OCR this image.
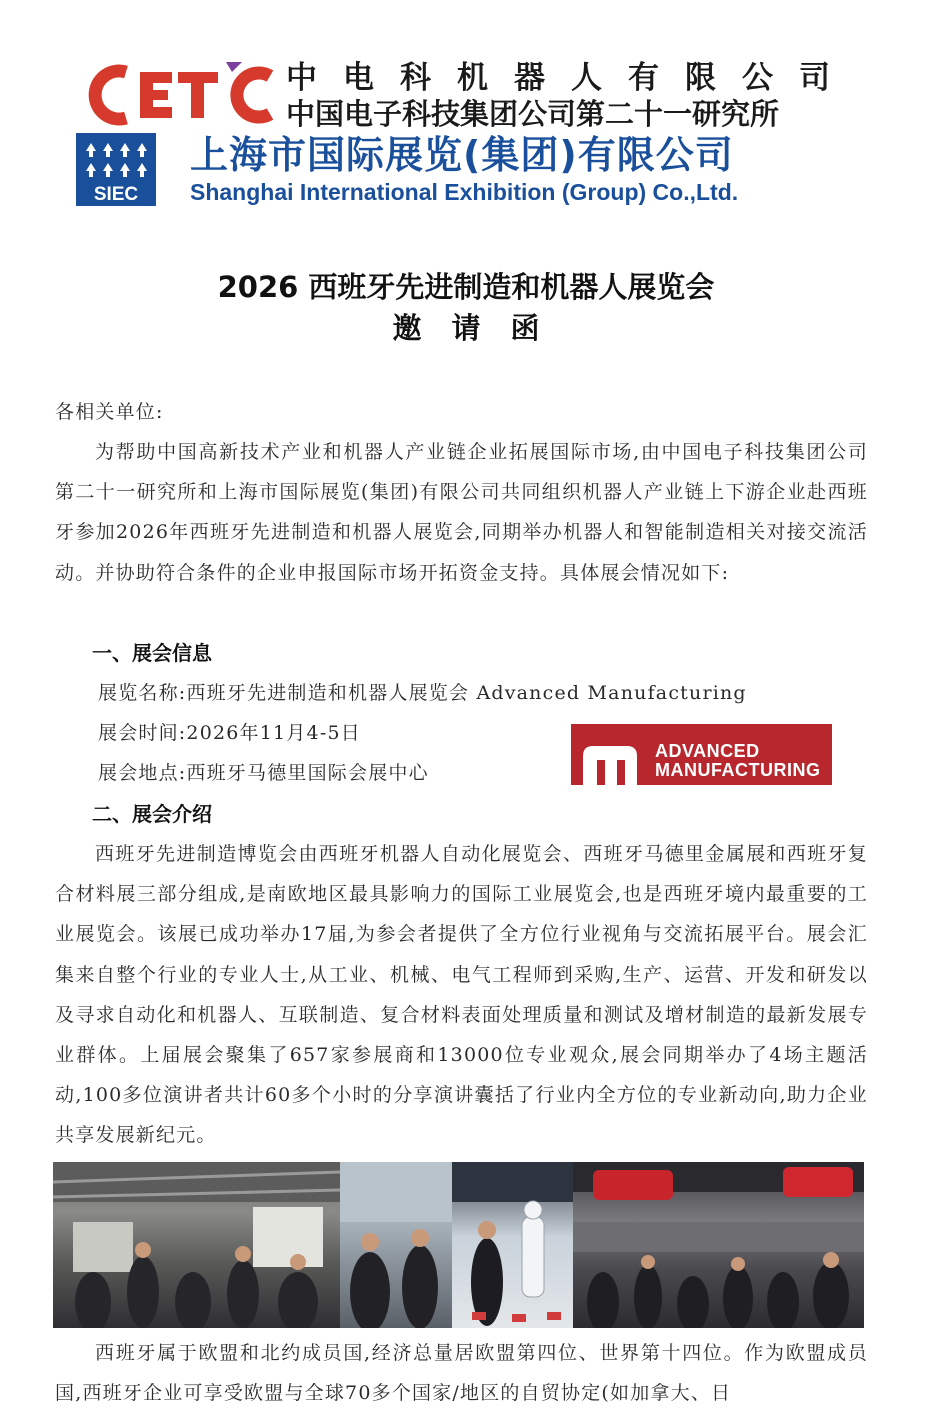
中电科机器人有限公司
中国电子科技集团公司第二十一研究所
SIEC
上海市国际展览(集团)有限公司
Shanghai International Exhibition (Group) Co.,Ltd.
2026 西班牙先进制造和机器人展览会
邀请函
各相关单位:
为帮助中国高新技术产业和机器人产业链企业拓展国际市场,由中国电子科技集团公司第二十一研究所和上海市国际展览(集团)有限公司共同组织机器人产业链上下游企业赴西班牙参加2026年西班牙先进制造和机器人展览会,同期举办机器人和智能制造相关对接交流活动。并协助符合条件的企业申报国际市场开拓资金支持。具体展会情况如下:
一、展会信息
展览名称:西班牙先进制造和机器人展览会 Advanced Manufacturing
展会时间:2026年11月4-5日
展会地点:西班牙马德里国际会展中心
ADVANCED
MANUFACTURING
二、展会介绍
西班牙先进制造博览会由西班牙机器人自动化展览会、西班牙马德里金属展和西班牙复合材料展三部分组成,是南欧地区最具影响力的国际工业展览会,也是西班牙境内最重要的工业展览会。该展已成功举办17届,为参会者提供了全方位行业视角与交流拓展平台。展会汇集来自整个行业的专业人士,从工业、机械、电气工程师到采购,生产、运营、开发和研发以及寻求自动化和机器人、互联制造、复合材料表面处理质量和测试及增材制造的最新发展专业群体。上届展会聚集了657家参展商和13000位专业观众,展会同期举办了4场主题活动,100多位演讲者共计60多个小时的分享演讲囊括了行业内全方位的专业新动向,助力企业共享发展新纪元。
西班牙属于欧盟和北约成员国,经济总量居欧盟第四位、世界第十四位。作为欧盟成员国,西班牙企业可享受欧盟与全球70多个国家/地区的自贸协定(如加拿大、日
